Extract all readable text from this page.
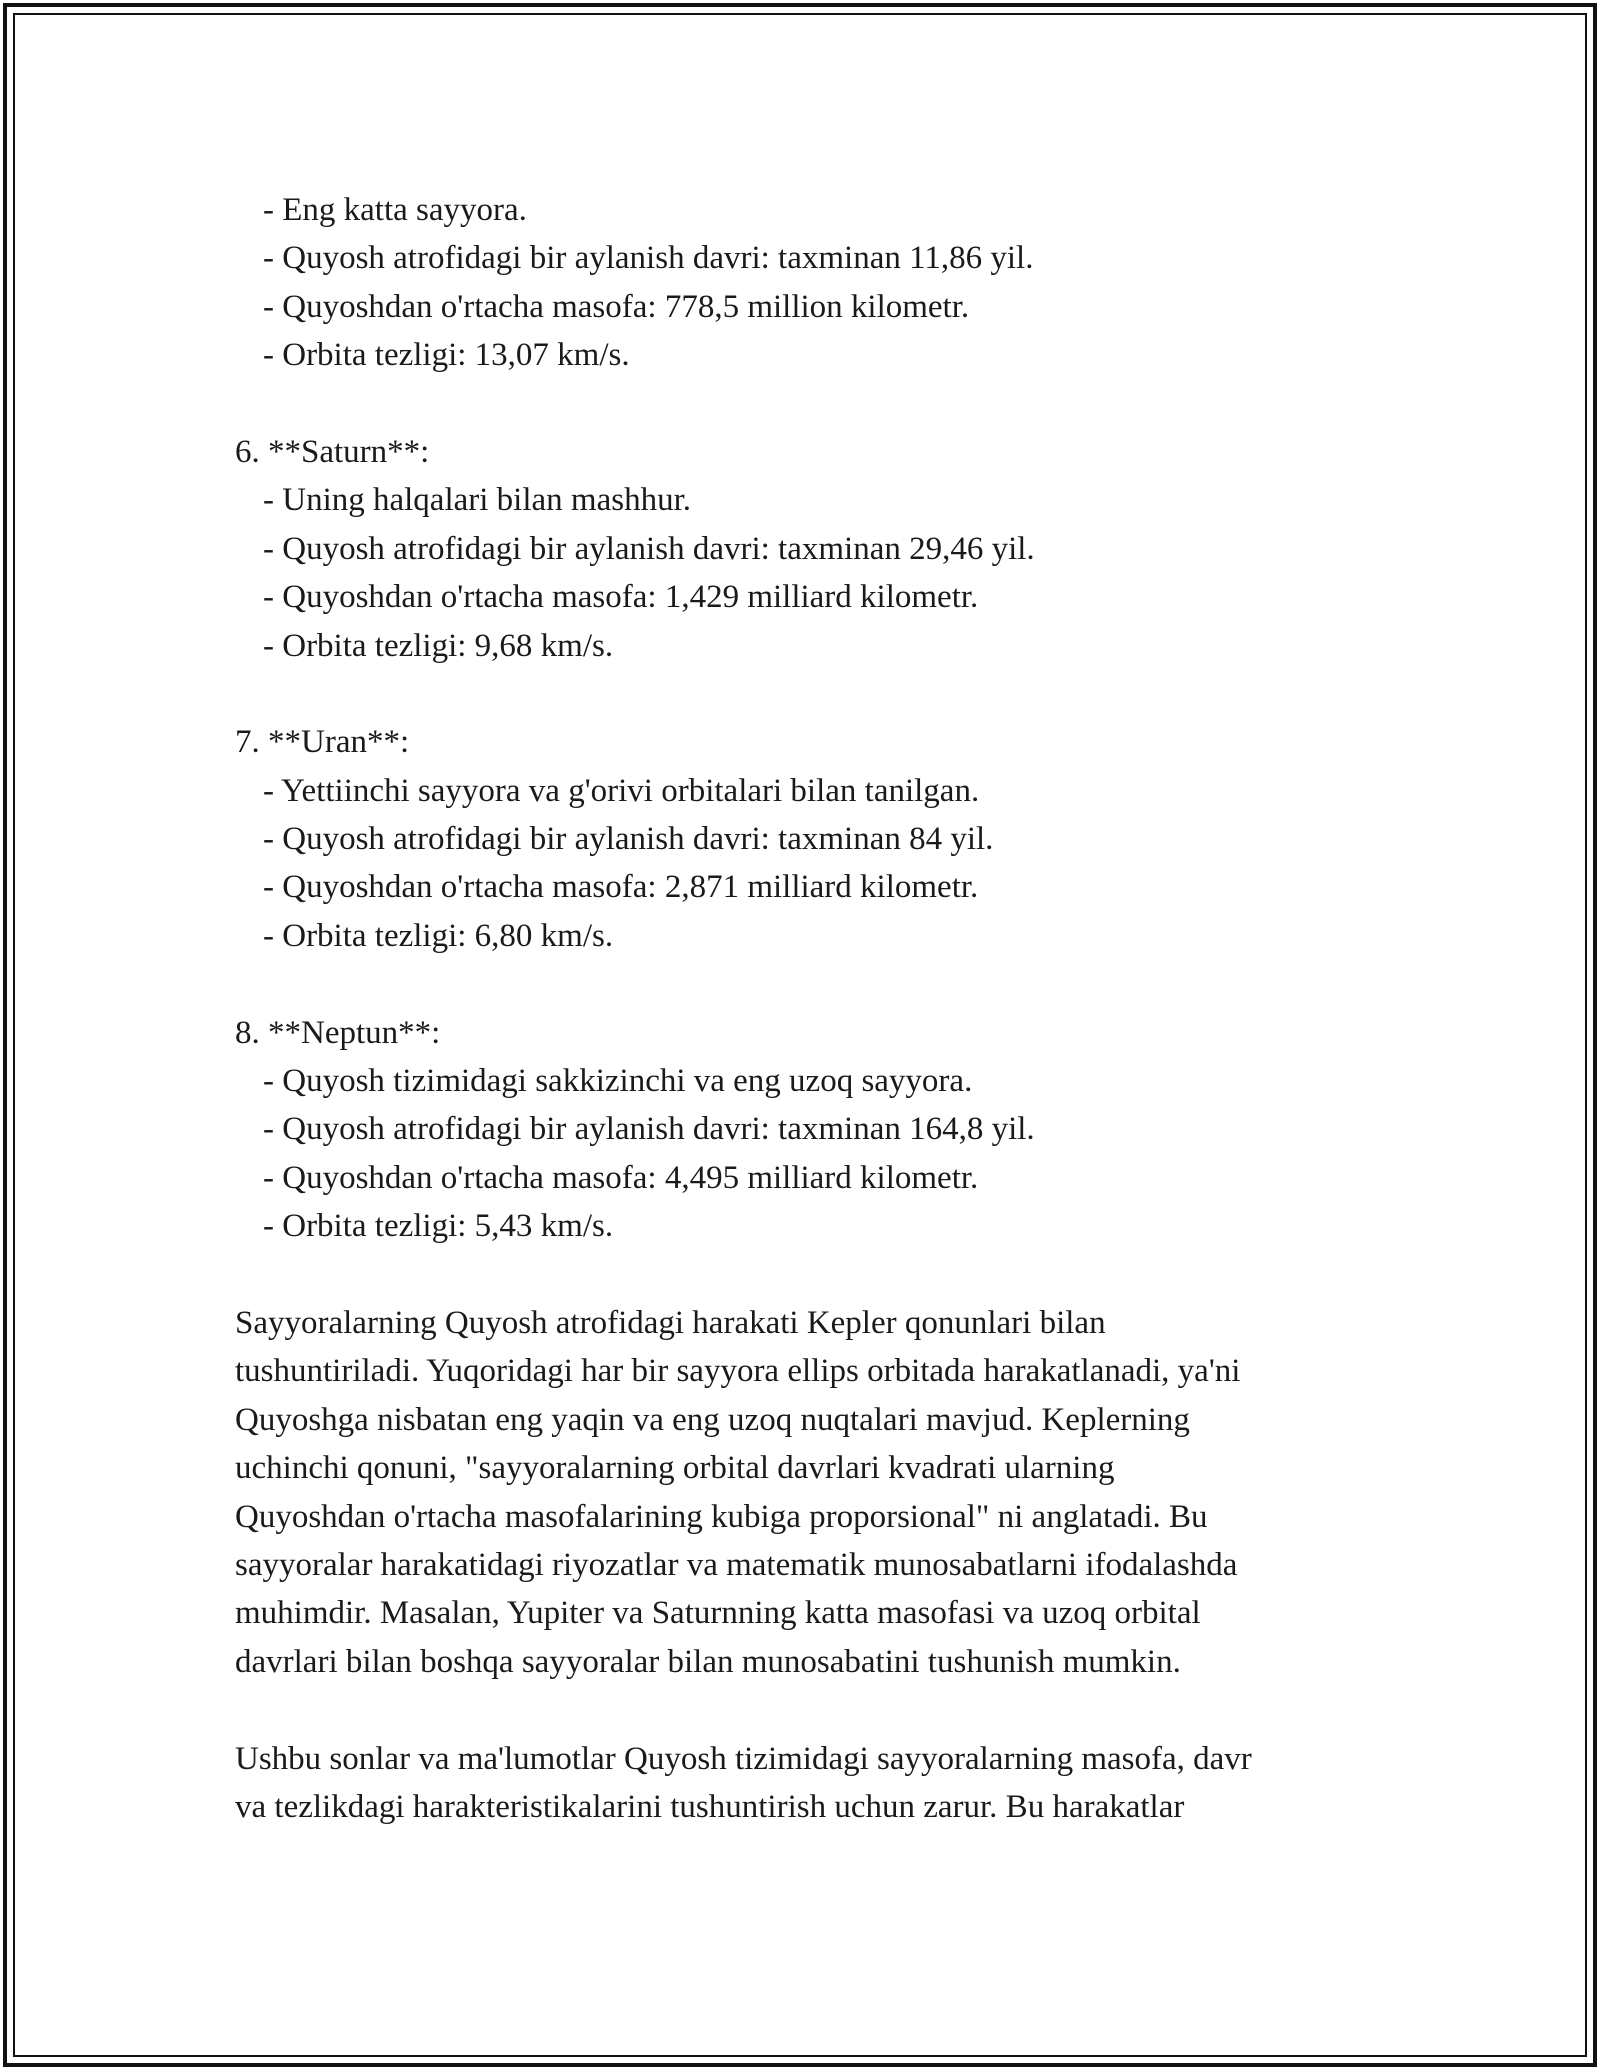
- Eng katta sayyora.
- Quyosh atrofidagi bir aylanish davri: taxminan 11,86 yil.
- Quyoshdan o'rtacha masofa: 778,5 million kilometr.
- Orbita tezligi: 13,07 km/s.
6. **Saturn**:
- Uning halqalari bilan mashhur.
- Quyosh atrofidagi bir aylanish davri: taxminan 29,46 yil.
- Quyoshdan o'rtacha masofa: 1,429 milliard kilometr.
- Orbita tezligi: 9,68 km/s.
7. **Uran**:
- Yettiinchi sayyora va g'orivi orbitalari bilan tanilgan.
- Quyosh atrofidagi bir aylanish davri: taxminan 84 yil.
- Quyoshdan o'rtacha masofa: 2,871 milliard kilometr.
- Orbita tezligi: 6,80 km/s.
8. **Neptun**:
- Quyosh tizimidagi sakkizinchi va eng uzoq sayyora.
- Quyosh atrofidagi bir aylanish davri: taxminan 164,8 yil.
- Quyoshdan o'rtacha masofa: 4,495 milliard kilometr.
- Orbita tezligi: 5,43 km/s.
Sayyoralarning Quyosh atrofidagi harakati Kepler qonunlari bilan
tushuntiriladi. Yuqoridagi har bir sayyora ellips orbitada harakatlanadi, ya'ni
Quyoshga nisbatan eng yaqin va eng uzoq nuqtalari mavjud. Keplerning
uchinchi qonuni, "sayyoralarning orbital davrlari kvadrati ularning
Quyoshdan o'rtacha masofalarining kubiga proporsional" ni anglatadi. Bu
sayyoralar harakatidagi riyozatlar va matematik munosabatlarni ifodalashda
muhimdir. Masalan, Yupiter va Saturnning katta masofasi va uzoq orbital
davrlari bilan boshqa sayyoralar bilan munosabatini tushunish mumkin.
Ushbu sonlar va ma'lumotlar Quyosh tizimidagi sayyoralarning masofa, davr
va tezlikdagi harakteristikalarini tushuntirish uchun zarur. Bu harakatlar
